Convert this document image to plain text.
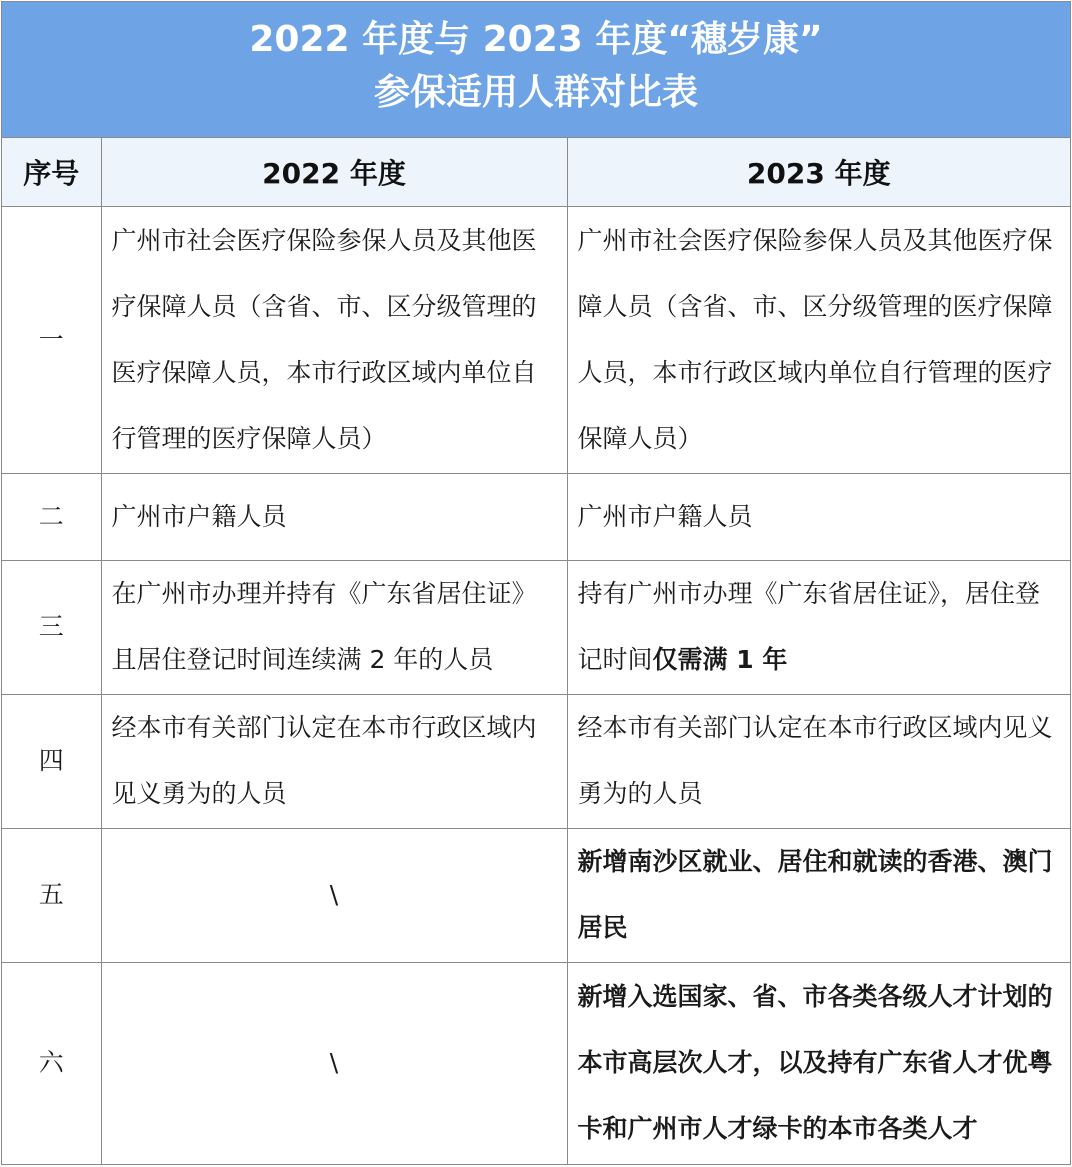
2022 年度与 2023 年度“穗岁康”
参保适用人群对比表
序号	2022 年度	2023 年度
一	广州市社会医疗保险参保人员及其他医疗保障人员（含省、市、区分级管理的医疗保障人员，本市行政区域内单位自行管理的医疗保障人员）	广州市社会医疗保险参保人员及其他医疗保障人员（含省、市、区分级管理的医疗保障人员，本市行政区域内单位自行管理的医疗保障人员）
二	广州市户籍人员	广州市户籍人员
三	在广州市办理并持有《广东省居住证》且居住登记时间连续满 2 年的人员	持有广州市办理《广东省居住证》，居住登记时间仅需满 1 年
四	经本市有关部门认定在本市行政区域内见义勇为的人员	经本市有关部门认定在本市行政区域内见义勇为的人员
五	\	新增南沙区就业、居住和就读的香港、澳门居民
六	\	新增入选国家、省、市各类各级人才计划的本市高层次人才，以及持有广东省人才优粤卡和广州市人才绿卡的本市各类人才
